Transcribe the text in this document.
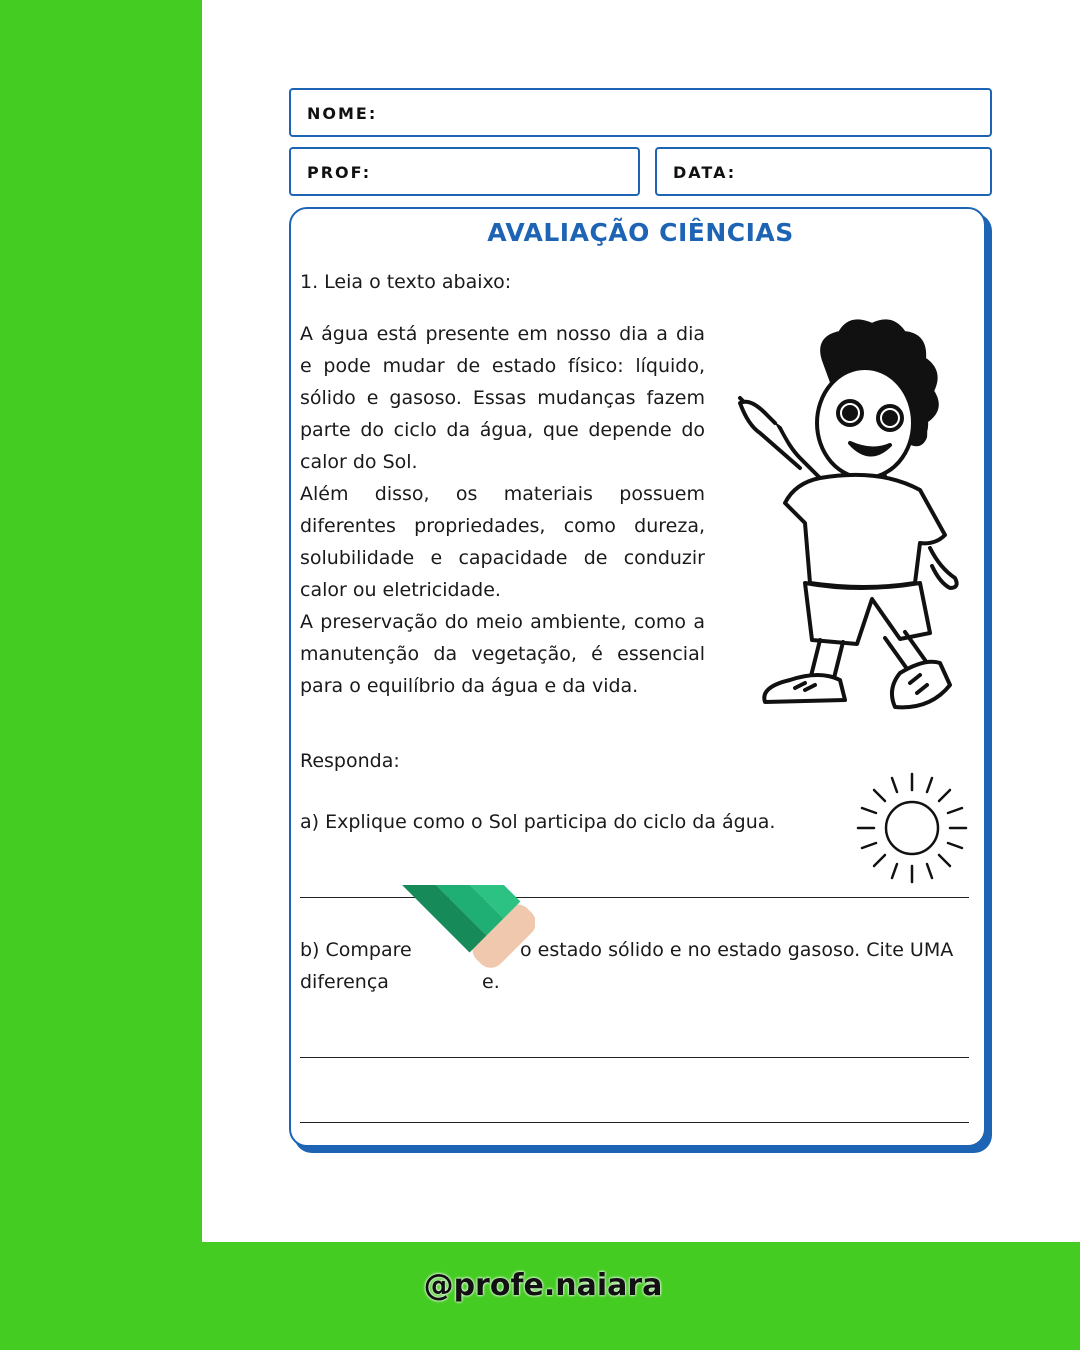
NOME:
PROF:	DATA:
AVALIAÇÃO CIÊNCIAS
1. Leia o texto abaixo:

A água está presente em nosso dia a dia e pode mudar de estado físico: líquido, sólido e gasoso. Essas mudanças fazem parte do ciclo da água, que depende do calor do Sol.

Além disso, os materiais possuem diferentes propriedades, como dureza, solubilidade e capacidade de conduzir calor ou eletricidade.

A preservação do meio ambiente, como a manutenção da vegetação, é essencial para o equilíbrio da água e da vida.

Responda:
a) Explique como o Sol participa do ciclo da água.
b) Compare	o estado sólido e no estado gasoso. Cite UMA
diferença	e.
@profe.naiara
